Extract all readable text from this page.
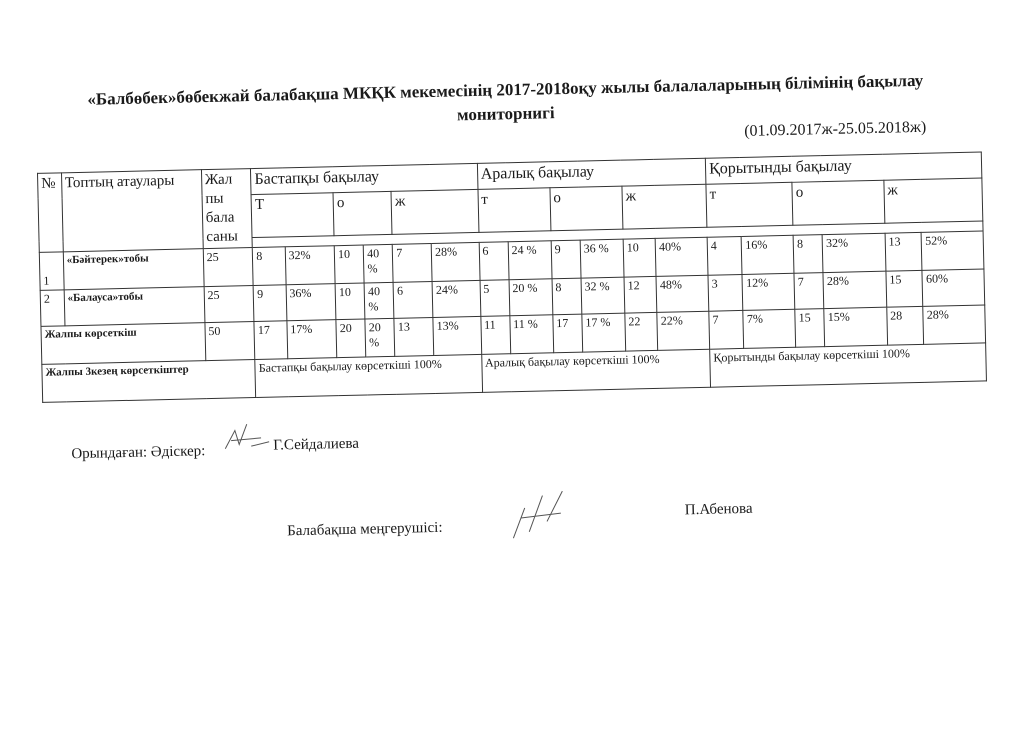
«Балбөбек»бөбекжай балабақша МКҚК мекемесінің 2017-2018оқу жылы балалаларының білімінің бақылау
мониторнигі
(01.09.2017ж-25.05.2018ж)
№	Топтың атаулары	Жал пы бала саны	Бастапқы бақылау						Аралық бақылау						Қорытынды бақылау					
			Т		о		ж		т		о		ж		т		о		ж	

1	«Бәйтерек»тобы	25	8	32%	10	40 %	7	28%	6	24 %	9	36 %	10	40%	4	16%	8	32%	13	52%
2	«Балауса»тобы	25	9	36%	10	40 %	6	24%	5	20 %	8	32 %	12	48%	3	12%	7	28%	15	60%
Жалпы көрсеткіш		50	17	17%	20	20 %	13	13%	11	11 %	17	17 %	22	22%	7	7%	15	15%	28	28%
Жалпы 3кезең көрсеткіштер			Бастапқы бақылау көрсеткіші 100%						Аралық бақылау көрсеткіші 100%						Қорытынды бақылау көрсеткіші 100%					
Орындаған: Әдіскер:	Г.Сейдалиева
Балабақша меңгерушісі:
П.Абенова
